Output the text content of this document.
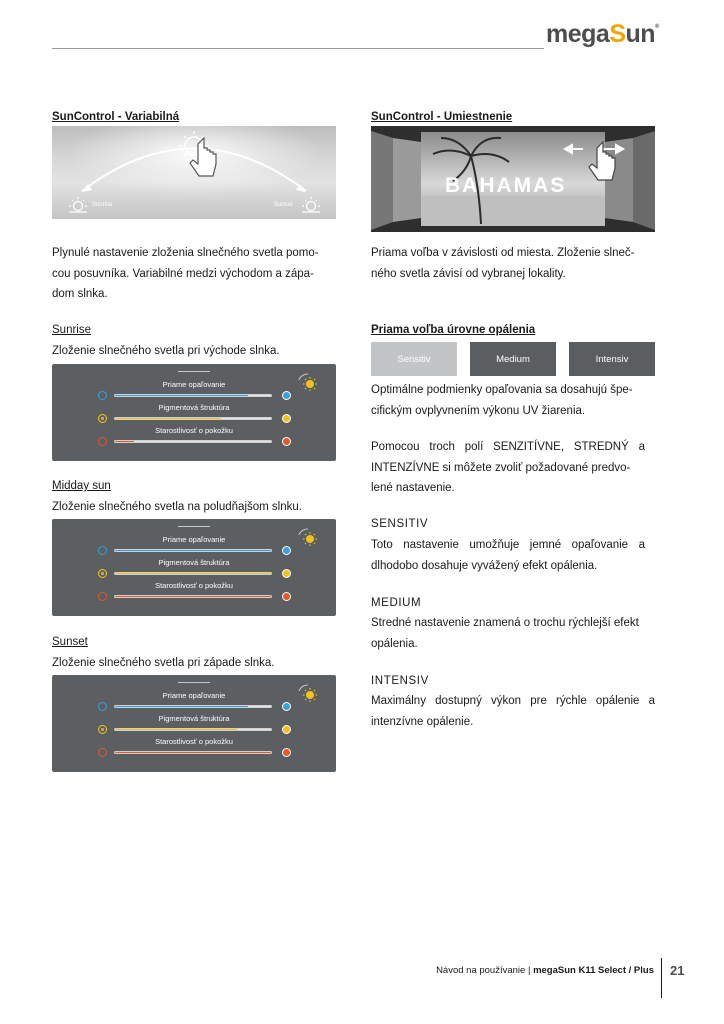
megaSun®
SunControl - Variabilná
Sunrise	Sunset
Plynulé nastavenie zloženia slnečného svetla pomo-
cou posuvníka. Variabilné medzi východom a zápa-
dom slnka.
Sunrise
Zloženie slnečného svetla pri východe slnka.
Priame opaľovanie
Pigmentová štruktúra
Starostlivosť o pokožku
Midday sun
Zloženie slnečného svetla na poludňajšom slnku.
Priame opaľovanie
Pigmentová štruktúra
Starostlivosť o pokožku
Sunset
Zloženie slnečného svetla pri západe slnka.
Priame opaľovanie
Pigmentová štruktúra
Starostlivosť o pokožku
SunControl - Umiestnenie
BAHAMAS
Priama voľba v závislosti od miesta. Zloženie slneč-
ného svetla závisí od vybranej lokality.
Priama voľba úrovne opálenia
Sensitiv	Medium	Intensiv
Optimálne podmienky opaľovania sa dosahujú špe-
cifickým ovplyvnením výkonu UV žiarenia.
Pomocou troch polí SENZITÍVNE, STREDNÝ a
INTENZÍVNE si môžete zvoliť požadované predvo-
lené nastavenie.
SENSITIV
Toto nastavenie umožňuje jemné opaľovanie a
dlhodobo dosahuje vyvážený efekt opálenia.
MEDIUM
Stredné nastavenie znamená o trochu rýchlejší efekt
opálenia.
INTENSIV
Maximálny dostupný výkon pre rýchle opálenie a
intenzívne opálenie.
Návod na používanie | megaSun K11 Select / Plus 21
